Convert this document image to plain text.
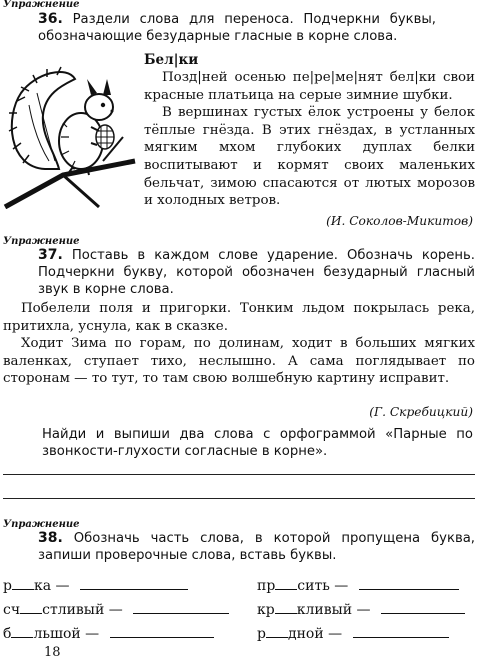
Упражнение
36. Раздели слова для переноса. Подчеркни буквы, обозначающие безударные гласные в корне слова.
Бел|ки

Позд|ней осенью пе|ре|ме|нят бел|ки свои красные платьица на серые зимние шубки.

В вершинах густых ёлок устроены у белок тёплые гнёзда. В этих гнёздах, в устланных мягким мхом глубоких дуплах белки воспитывают и кормят своих маленьких бельчат, зимою спасаются от лютых морозов и холодных ветров.

(И. Соколов-Микитов)
Упражнение
37. Поставь в каждом слове ударение. Обозначь корень. Подчеркни букву, которой обозначен безударный гласный звук в корне слова.

Побелели поля и пригорки. Тонким льдом покрылась река, притихла, уснула, как в сказке.

Ходит Зима по горам, по долинам, ходит в больших мягких валенках, ступает тихо, неслышно. А сама поглядывает по сторонам — то тут, то там свою волшебную картину исправит.

(Г. Скребицкий)
Найди и выпиши два слова с орфограммой «Парные по звонкости-глухости согласные в корне».
Упражнение
38. Обозначь часть слова, в которой пропущена буква, запиши проверочные слова, вставь буквы.
р ка —	пр сить —
сч стливый —	кр кливый —
б льшой —	р дной —
18
